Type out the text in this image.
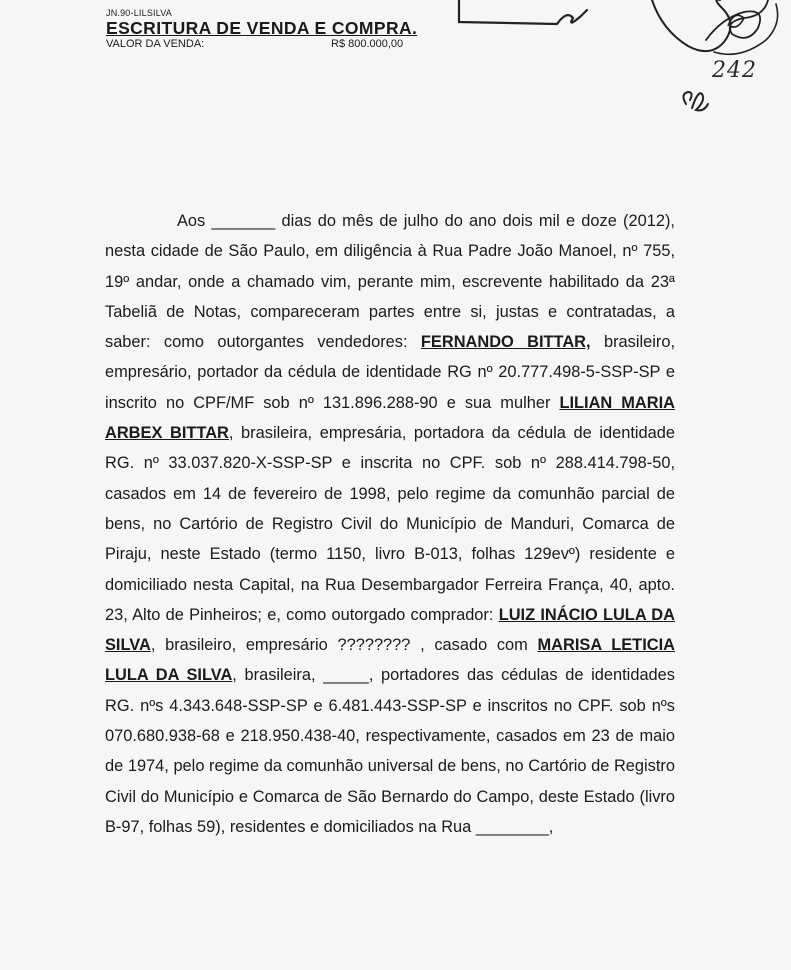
JN.90-LILSILVA
ESCRITURA DE VENDA E COMPRA.
VALOR DA VENDA:	R$ 800.000,00
242

Aos _______ dias do mês de julho do ano dois mil e doze (2012), nesta cidade de São Paulo, em diligência à Rua Padre João Manoel, nº 755, 19º andar, onde a chamado vim, perante mim, escrevente habilitado da 23ª Tabeliã de Notas, compareceram partes entre si, justas e contratadas, a saber: como outorgantes vendedores: FERNANDO BITTAR, brasileiro, empresário, portador da cédula de identidade RG nº 20.777.498-5-SSP-SP e inscrito no CPF/MF sob nº 131.896.288-90 e sua mulher LILIAN MARIA ARBEX BITTAR, brasileira, empresária, portadora da cédula de identidade RG. nº 33.037.820-X-SSP-SP e inscrita no CPF. sob nº 288.414.798-50, casados em 14 de fevereiro de 1998, pelo regime da comunhão parcial de bens, no Cartório de Registro Civil do Município de Manduri, Comarca de Piraju, neste Estado (termo 1150, livro B-013, folhas 129evº) residente e domiciliado nesta Capital, na Rua Desembargador Ferreira França, 40, apto. 23, Alto de Pinheiros; e, como outorgado comprador: LUIZ INÁCIO LULA DA SILVA, brasileiro, empresário ???????? , casado com MARISA LETICIA LULA DA SILVA, brasileira, _____, portadores das cédulas de identidades RG. nºs 4.343.648-SSP-SP e 6.481.443-SSP-SP e inscritos no CPF. sob nºs 070.680.938-68 e 218.950.438-40, respectivamente, casados em 23 de maio de 1974, pelo regime da comunhão universal de bens, no Cartório de Registro Civil do Município e Comarca de São Bernardo do Campo, deste Estado (livro B-97, folhas 59), residentes e domiciliados na Rua ________,
